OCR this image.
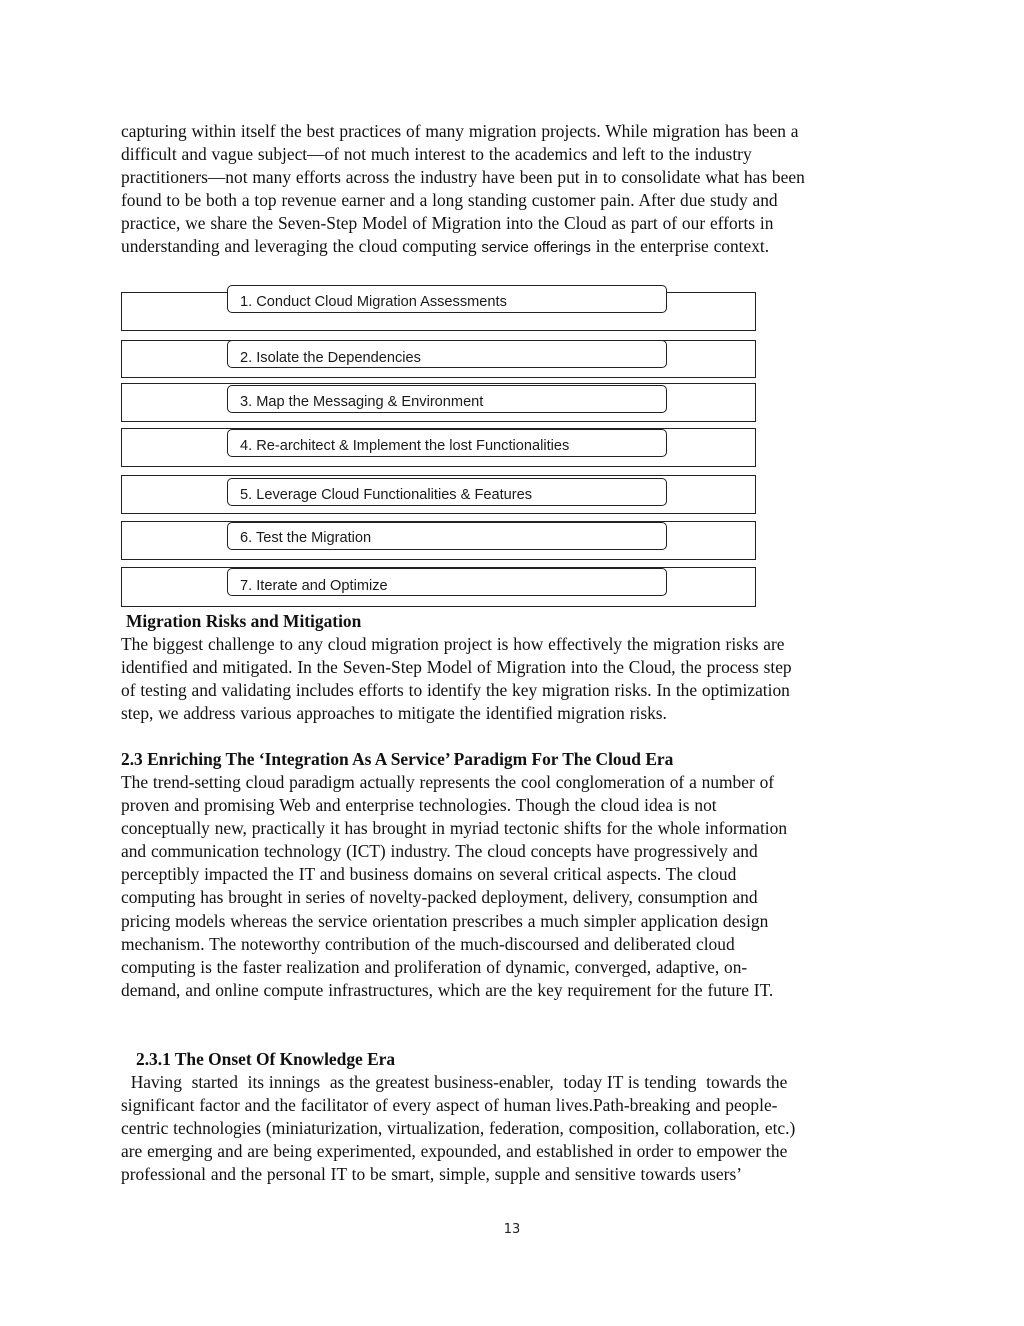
capturing within itself the best practices of many migration projects. While migration has been a
difficult and vague subject—of not much interest to the academics and left to the industry
practitioners—not many efforts across the industry have been put in to consolidate what has been
found to be both a top revenue earner and a long standing customer pain. After due study and
practice, we share the Seven-Step Model of Migration into the Cloud as part of our efforts in
understanding and leveraging the cloud computing service offerings in the enterprise context.
1. Conduct Cloud Migration Assessments
2. Isolate the Dependencies
3. Map the Messaging & Environment
4. Re-architect & Implement the lost Functionalities
5. Leverage Cloud Functionalities & Features
6. Test the Migration
7. Iterate and Optimize
Migration Risks and Mitigation
The biggest challenge to any cloud migration project is how effectively the migration risks are
identified and mitigated. In the Seven-Step Model of Migration into the Cloud, the process step
of testing and validating includes efforts to identify the key migration risks. In the optimization
step, we address various approaches to mitigate the identified migration risks.
2.3 Enriching The ‘Integration As A Service’ Paradigm For The Cloud Era
The trend-setting cloud paradigm actually represents the cool conglomeration of a number of
proven and promising Web and enterprise technologies. Though the cloud idea is not
conceptually new, practically it has brought in myriad tectonic shifts for the whole information
and communication technology (ICT) industry. The cloud concepts have progressively and
perceptibly impacted the IT and business domains on several critical aspects. The cloud
computing has brought in series of novelty-packed deployment, delivery, consumption and
pricing models whereas the service orientation prescribes a much simpler application design
mechanism. The noteworthy contribution of the much-discoursed and deliberated cloud
computing is the faster realization and proliferation of dynamic, converged, adaptive, on-
demand, and online compute infrastructures, which are the key requirement for the future IT.
2.3.1 The Onset Of Knowledge Era
Having  started  its innings  as the greatest business-enabler,  today IT is tending  towards the
significant factor and the facilitator of every aspect of human lives.Path-breaking and people-
centric technologies (miniaturization, virtualization, federation, composition, collaboration, etc.)
are emerging and are being experimented, expounded, and established in order to empower the
professional and the personal IT to be smart, simple, supple and sensitive towards users’
13
